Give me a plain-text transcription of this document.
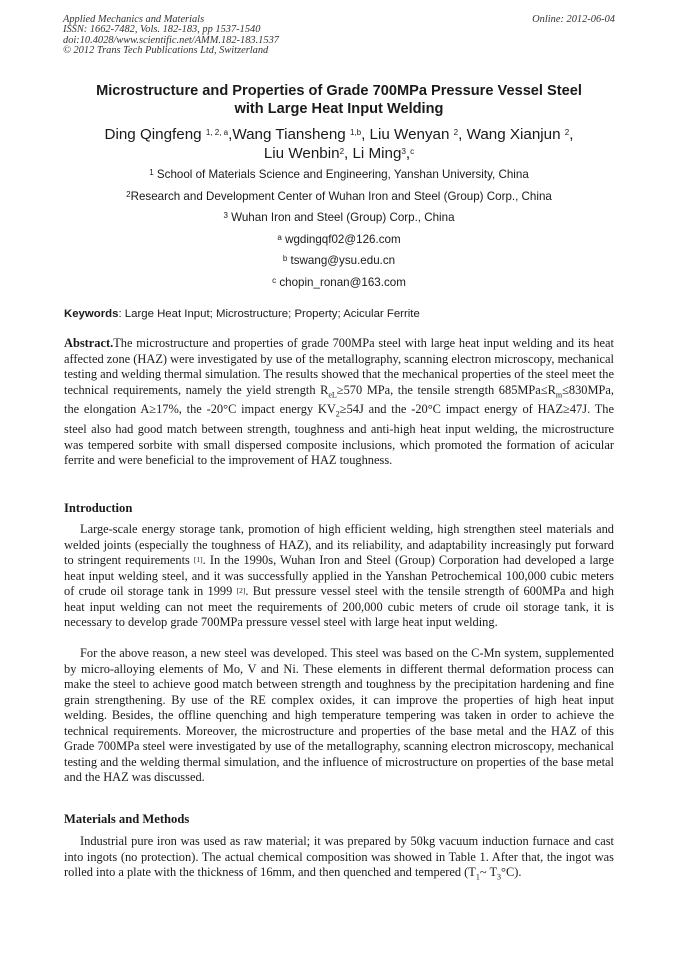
Applied Mechanics and Materials
ISSN: 1662-7482, Vols. 182-183, pp 1537-1540
doi:10.4028/www.scientific.net/AMM.182-183.1537
© 2012 Trans Tech Publications Ltd, Switzerland
Online: 2012-06-04
Microstructure and Properties of Grade 700MPa Pressure Vessel Steel
with Large Heat Input Welding
Ding Qingfeng $^{1, 2, a}$,Wang Tiansheng $^{1,b}$, Liu Wenyan $^2$, Wang Xianjun $^2$,
Liu Wenbin$^2$, Li Ming$^3$,$^c$
$^1$ School of Materials Science and Engineering, Yanshan University, China
$^2$Research and Development Center of Wuhan Iron and Steel (Group) Corp., China
$^3$ Wuhan Iron and Steel (Group) Corp., China
$^a$ wgdingqf02@126.com
$^b$ tswang@ysu.edu.cn
$^c$ chopin_ronan@163.com
Keywords: Large Heat Input; Microstructure; Property; Acicular Ferrite
Abstract.The microstructure and properties of grade 700MPa steel with large heat input welding and its heat affected zone (HAZ) were investigated by use of the metallography, scanning electron microscopy, mechanical testing and welding thermal simulation. The results showed that the mechanical properties of the steel meet the technical requirements, namely the yield strength $R_{eL}\ge 570$ MPa, the tensile strength $685MPa\le R_m\le 830MPa$, the elongation A≥17%, the -20°C impact energy $KV_2\ge 54J$ and the -20°C impact energy of HAZ≥47J. The steel also had good match between strength, toughness and anti-high heat input welding, the microstructure was tempered sorbite with small dispersed composite inclusions, which promoted the formation of acicular ferrite and were beneficial to the improvement of HAZ toughness.
Introduction
Large-scale energy storage tank, promotion of high efficient welding, high strengthen steel materials and welded joints (especially the toughness of HAZ), and its reliability, and adaptability increasingly put forward to stringent requirements [1]. In the 1990s, Wuhan Iron and Steel (Group) Corporation had developed a large heat input welding steel, and it was successfully applied in the Yanshan Petrochemical 100,000 cubic meters of crude oil storage tank in 1999 [2]. But pressure vessel steel with the tensile strength of 600MPa and high heat input welding can not meet the requirements of 200,000 cubic meters of crude oil storage tank, it is necessary to develop grade 700MPa pressure vessel steel with large heat input welding.
For the above reason, a new steel was developed. This steel was based on the C-Mn system, supplemented by micro-alloying elements of Mo, V and Ni. These elements in different thermal deformation process can make the steel to achieve good match between strength and toughness by the precipitation hardening and fine grain strengthening. By use of the RE complex oxides, it can improve the properties of high heat input welding. Besides, the offline quenching and high temperature tempering was taken in order to achieve the technical requirements. Moreover, the microstructure and properties of the base metal and the HAZ of this Grade 700MPa steel were investigated by use of the metallography, scanning electron microscopy, mechanical testing and the welding thermal simulation, and the influence of microstructure on properties of the base metal and the HAZ was discussed.
Materials and Methods
Industrial pure iron was used as raw material; it was prepared by 50kg vacuum induction furnace and cast into ingots (no protection). The actual chemical composition was showed in Table 1. After that, the ingot was rolled into a plate with the thickness of 16mm, and then quenched and tempered ($T_1\sim$ $T_3^\circ C$).
